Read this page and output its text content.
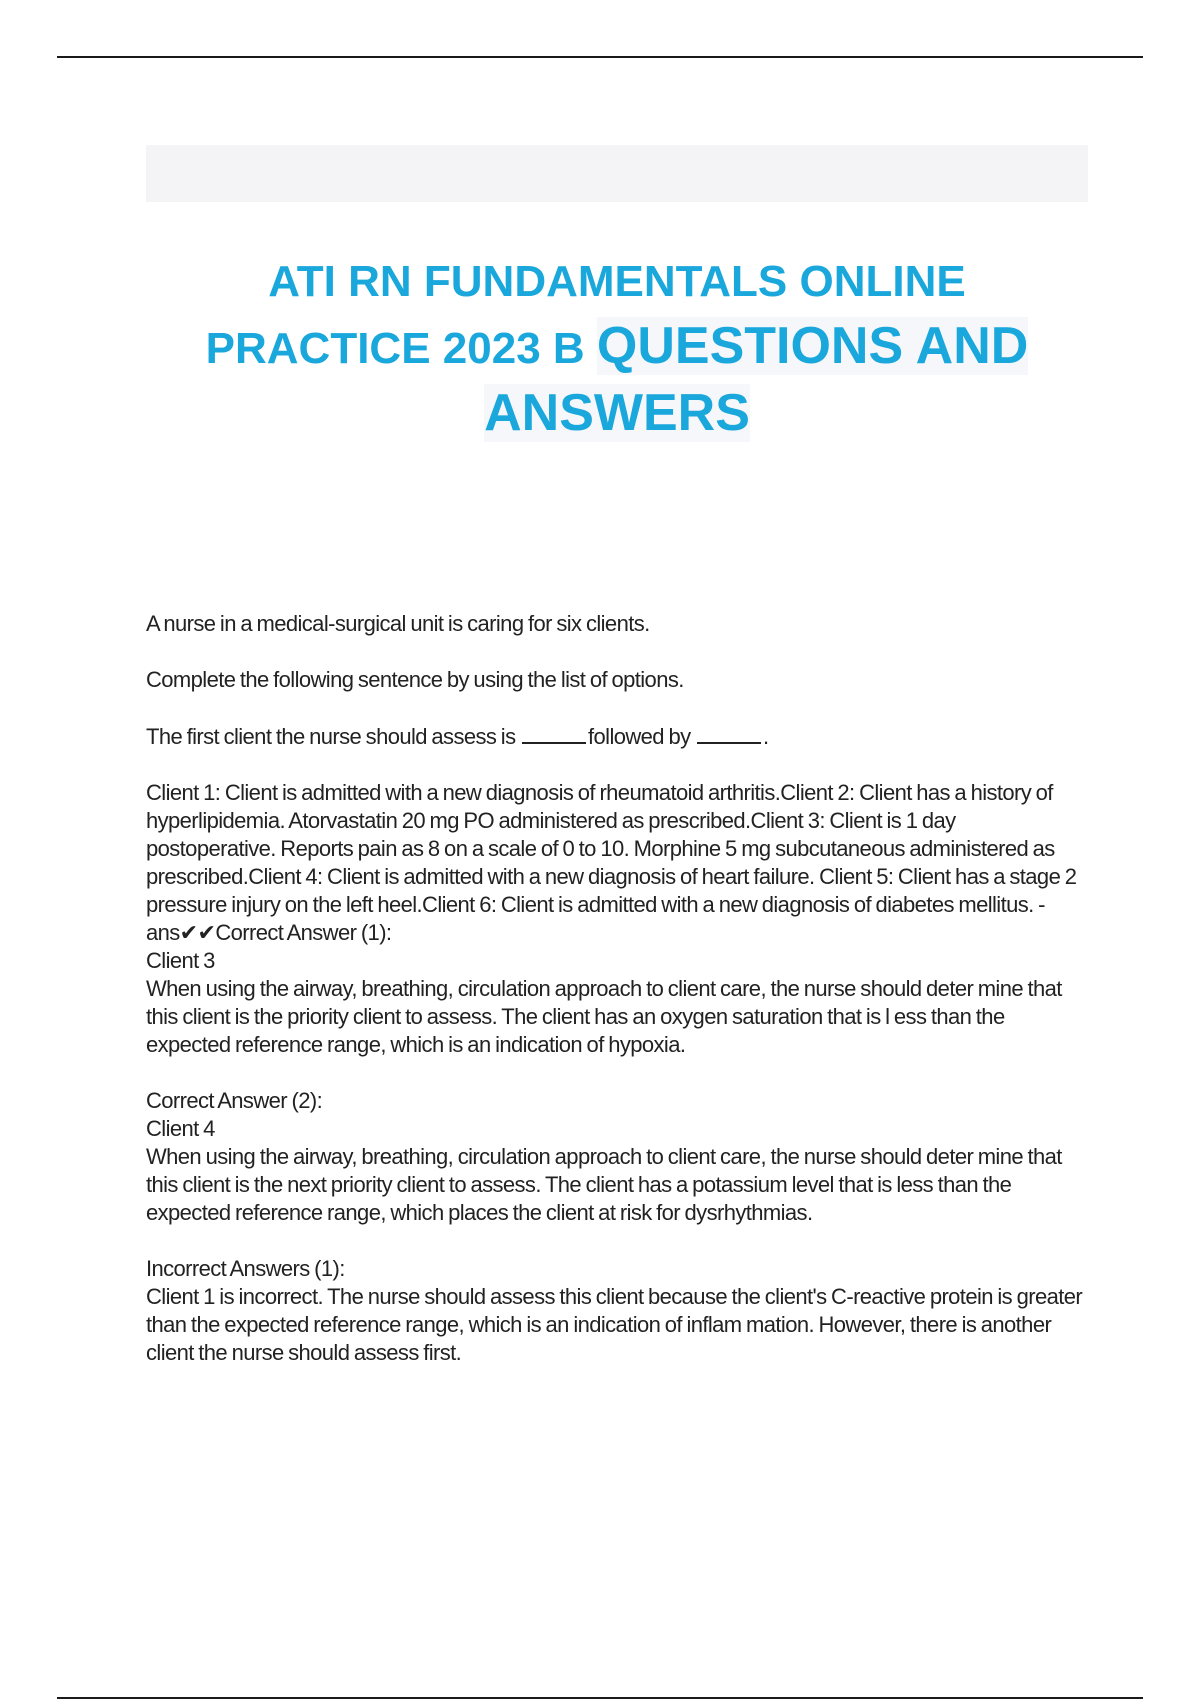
ATI RN FUNDAMENTALS ONLINE
PRACTICE 2023 B QUESTIONS AND
ANSWERS

A nurse in a medical-surgical unit is caring for six clients.

Complete the following sentence by using the list of options.

The first client the nurse should assess is	followed by	.

Client 1: Client is admitted with a new diagnosis of rheumatoid arthritis.Client 2: Client has a history of hyperlipidemia. Atorvastatin 20 mg PO administered as prescribed.Client 3: Client is 1 day postoperative. Reports pain as 8 on a scale of 0 to 10. Morphine 5 mg subcutaneous administered as prescribed.Client 4: Client is admitted with a new diagnosis of heart failure. Client 5: Client has a stage 2 pressure injury on the left heel.Client 6: Client is admitted with a new diagnosis of diabetes mellitus. - ans✔✔Correct Answer (1):
Client 3
When using the airway, breathing, circulation approach to client care, the nurse should deter mine that this client is the priority client to assess. The client has an oxygen saturation that is l ess than the expected reference range, which is an indication of hypoxia.

Correct Answer (2):
Client 4
When using the airway, breathing, circulation approach to client care, the nurse should deter mine that this client is the next priority client to assess. The client has a potassium level that is less than the expected reference range, which places the client at risk for dysrhythmias.

Incorrect Answers (1):
Client 1 is incorrect. The nurse should assess this client because the client's C-reactive protein is greater than the expected reference range, which is an indication of inflam mation. However, there is another client the nurse should assess first.
